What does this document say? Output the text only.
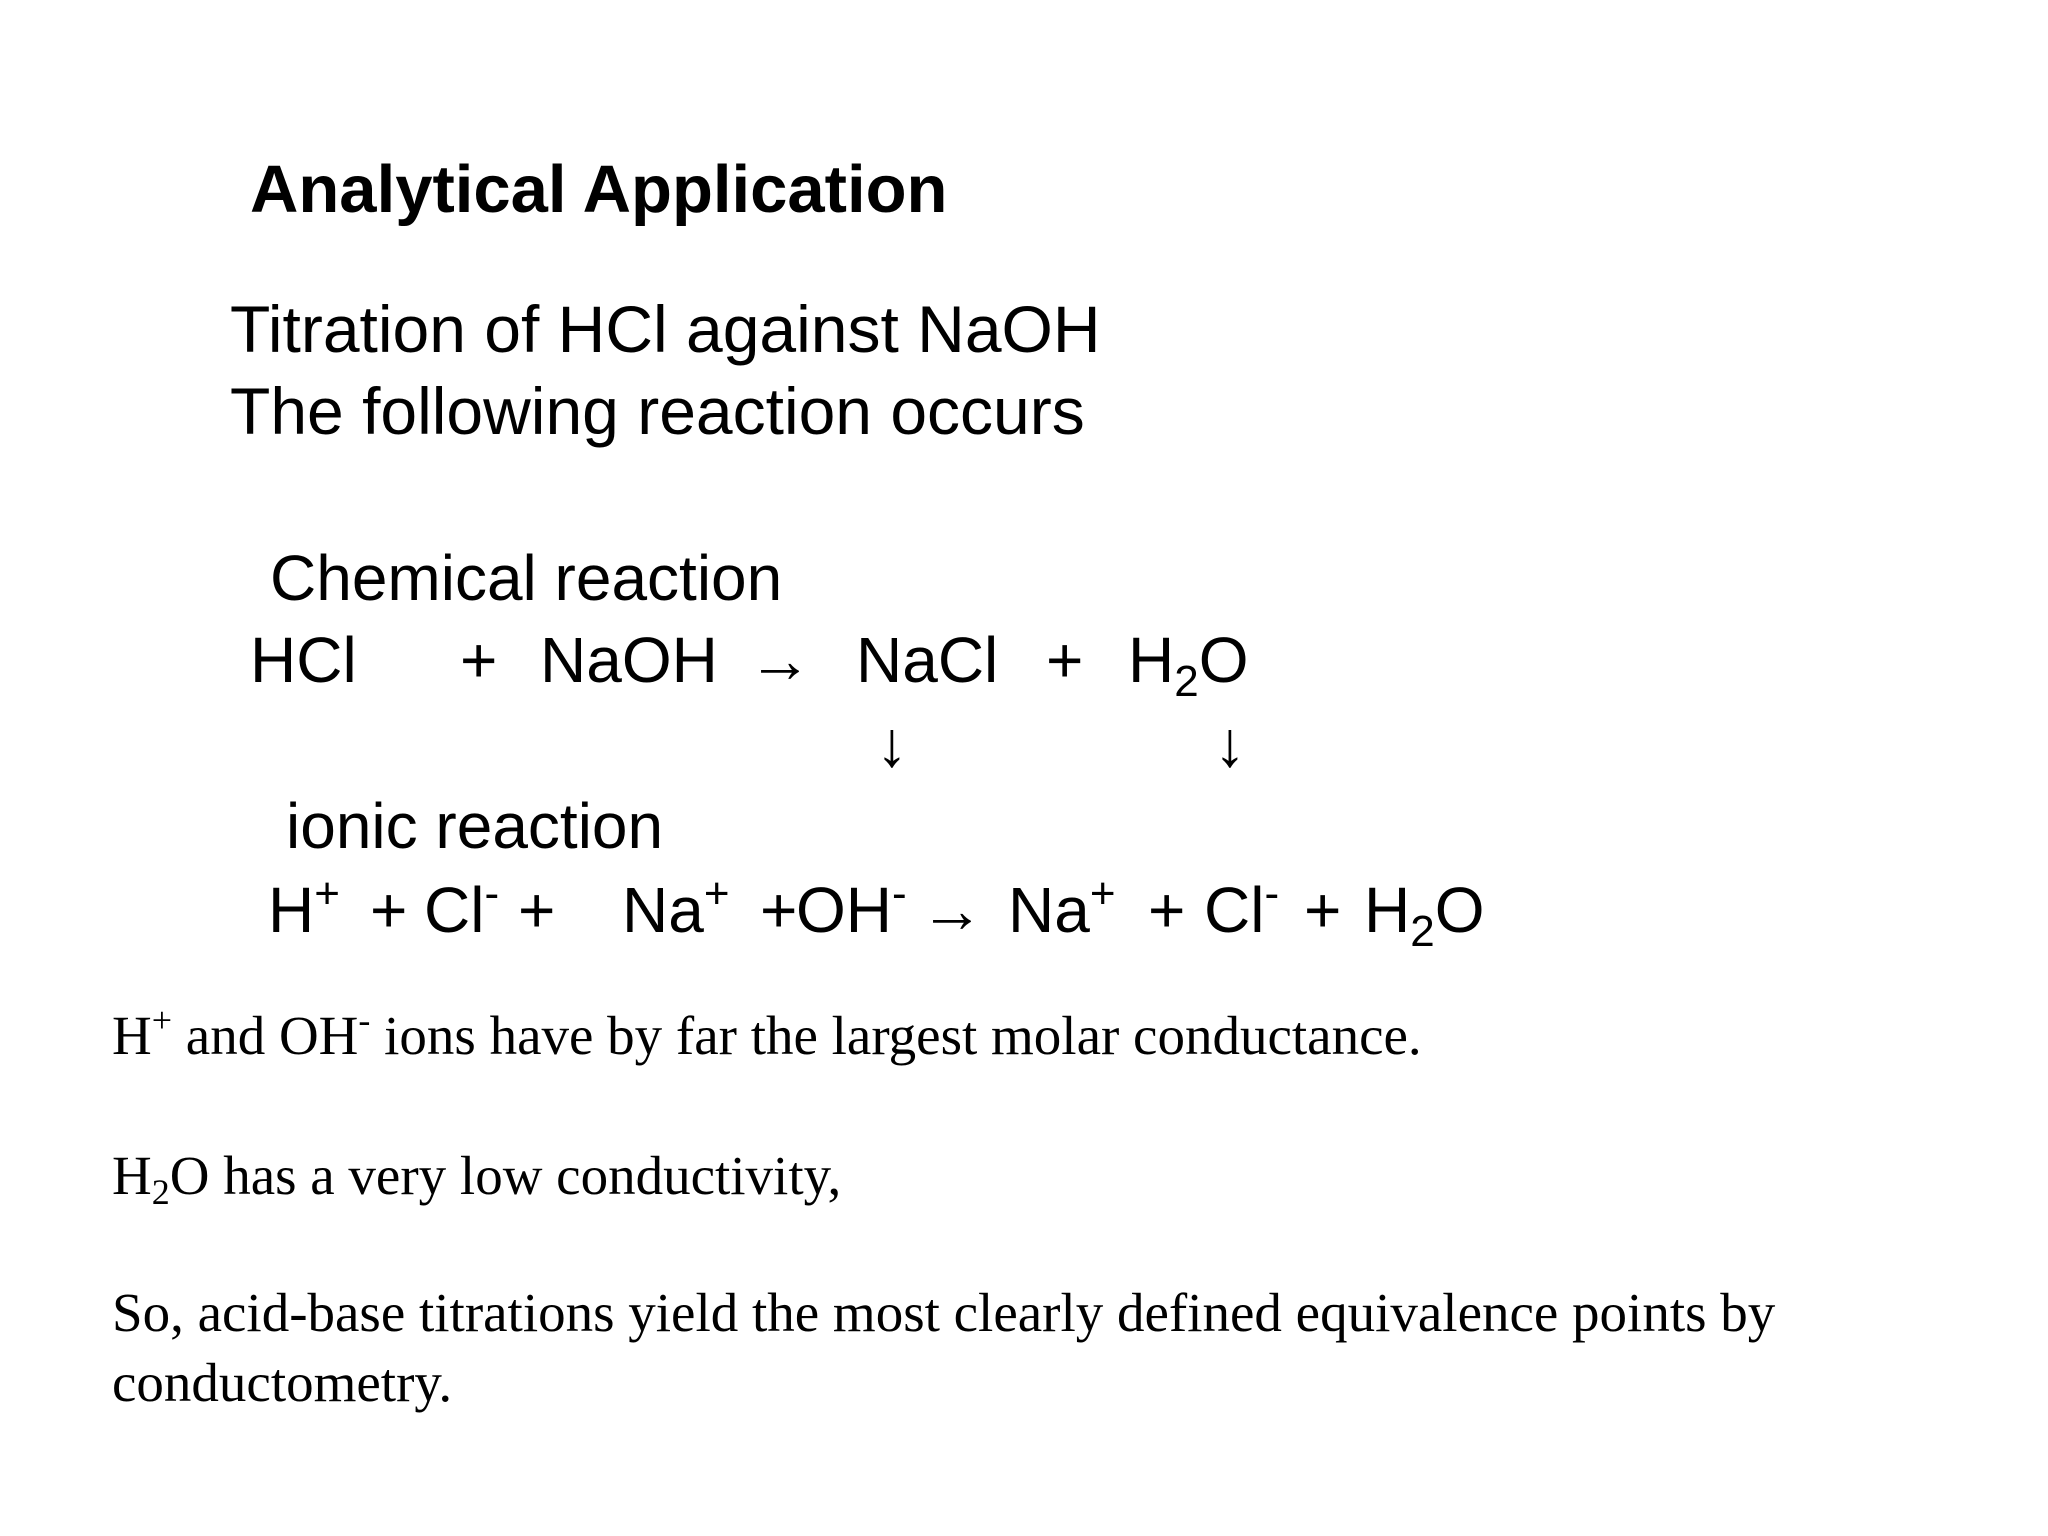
Analytical Application
Titration of HCl against NaOH
The following reaction occurs
Chemical reaction
HCl + NaOH → NaCl + $H_2O$
↓	↓
ionic reaction
H+ + Cl- + Na+ +
$OH^- \to Na^+ + Cl^- + H_2O$
H+ and OH- ions have by far the largest molar conductance.
$H_2O$ has a very low conductivity,
So, acid-base titrations yield the most clearly defined equivalence points by conductometry.
